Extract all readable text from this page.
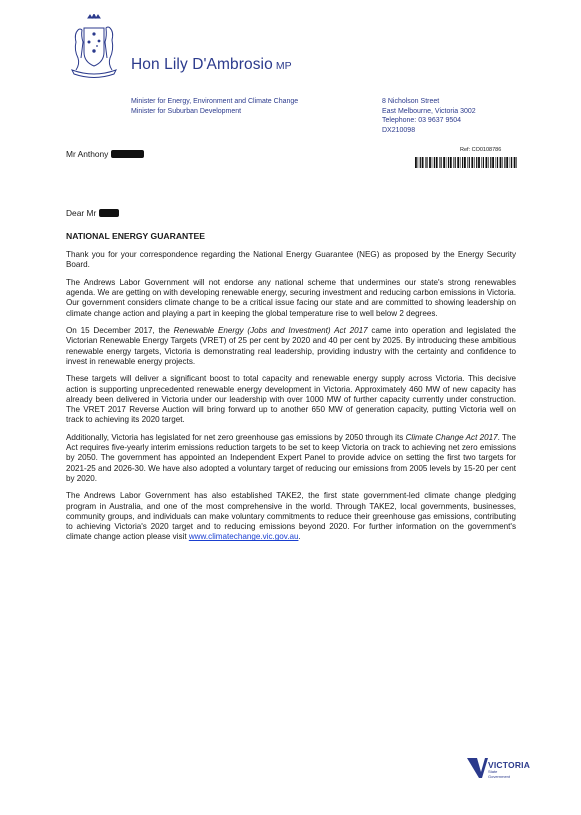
Hon Lily D'Ambrosio MP
Minister for Energy, Environment and Climate Change
Minister for Suburban Development
8 Nicholson Street
East Melbourne, Victoria 3002
Telephone: 03 9637 9504
DX210098
Mr Anthony	Ref: CO0108786
Dear Mr
NATIONAL ENERGY GUARANTEE

Thank you for your correspondence regarding the National Energy Guarantee (NEG) as proposed by the Energy Security Board.

The Andrews Labor Government will not endorse any national scheme that undermines our state's strong renewables agenda. We are getting on with developing renewable energy, securing investment and reducing carbon emissions in Victoria. Our government considers climate change to be a critical issue facing our state and are committed to showing leadership on climate change action and playing a part in keeping the global temperature rise to well below 2 degrees.

On 15 December 2017, the Renewable Energy (Jobs and Investment) Act 2017 came into operation and legislated the Victorian Renewable Energy Targets (VRET) of 25 per cent by 2020 and 40 per cent by 2025. By introducing these ambitious renewable energy targets, Victoria is demonstrating real leadership, providing industry with the certainty and confidence to invest in renewable energy projects.

These targets will deliver a significant boost to total capacity and renewable energy supply across Victoria. This decisive action is supporting unprecedented renewable energy development in Victoria. Approximately 460 MW of new capacity has already been delivered in Victoria under our leadership with over 1000 MW of further capacity currently under construction. The VRET 2017 Reverse Auction will bring forward up to another 650 MW of generation capacity, putting Victoria well on track to achieving its 2020 target.

Additionally, Victoria has legislated for net zero greenhouse gas emissions by 2050 through its Climate Change Act 2017. The Act requires five-yearly interim emissions reduction targets to be set to keep Victoria on track to achieving net zero emissions by 2050. The government has appointed an Independent Expert Panel to provide advice on setting the first two targets for 2021-25 and 2026-30. We have also adopted a voluntary target of reducing our emissions from 2005 levels by 15-20 per cent by 2020.

The Andrews Labor Government has also established TAKE2, the first state government-led climate change pledging program in Australia, and one of the most comprehensive in the world. Through TAKE2, local governments, businesses, community groups, and individuals can make voluntary commitments to reduce their greenhouse gas emissions, contributing to achieving Victoria's 2020 target and to reducing emissions beyond 2020. For further information on the government's climate change action please visit www.climatechange.vic.gov.au.

VICTORIA
State
Government
